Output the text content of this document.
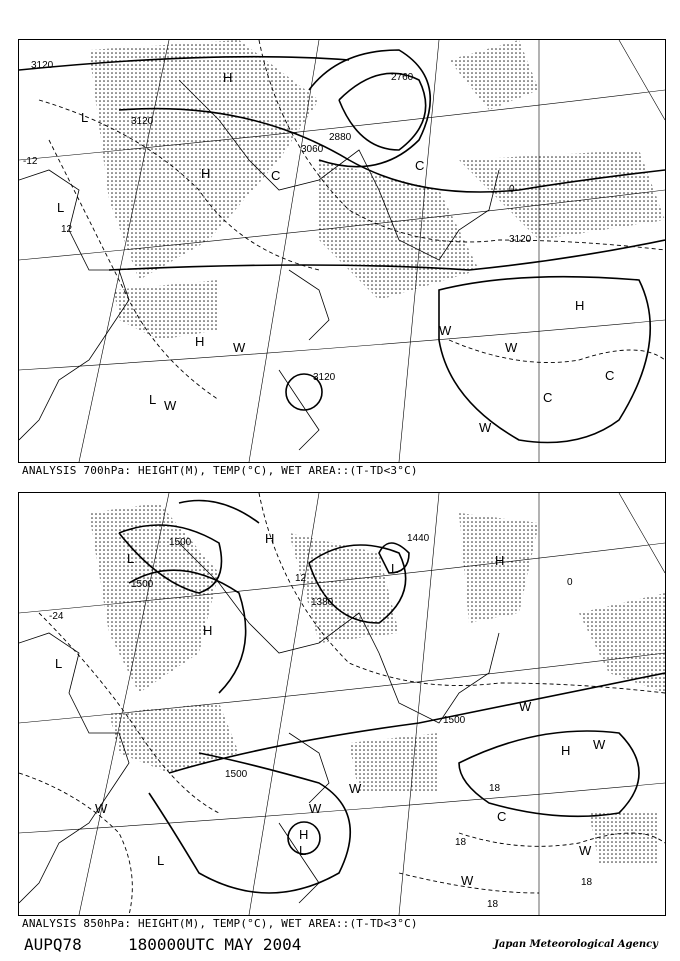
3120
3120
3060
2880
2760
3120
3120
-12
12
0
H
H
L
L
C
C
H W
W
W
H
C
C
W
L W
ANALYSIS 700hPa: HEIGHT(M), TEMP(°C), WET AREA::(T-TD<3°C)
1500
1500
1380
1440
1500
1500
-24
12	0
18
18
18
18
L
L
H
H
L
H
W
H W
W
W
L
C
W
W
W
H
L
ANALYSIS 850hPa: HEIGHT(M), TEMP(°C), WET AREA::(T-TD<3°C)
AUPQ78	180000UTC MAY 2004	Japan Meteorological Agency
